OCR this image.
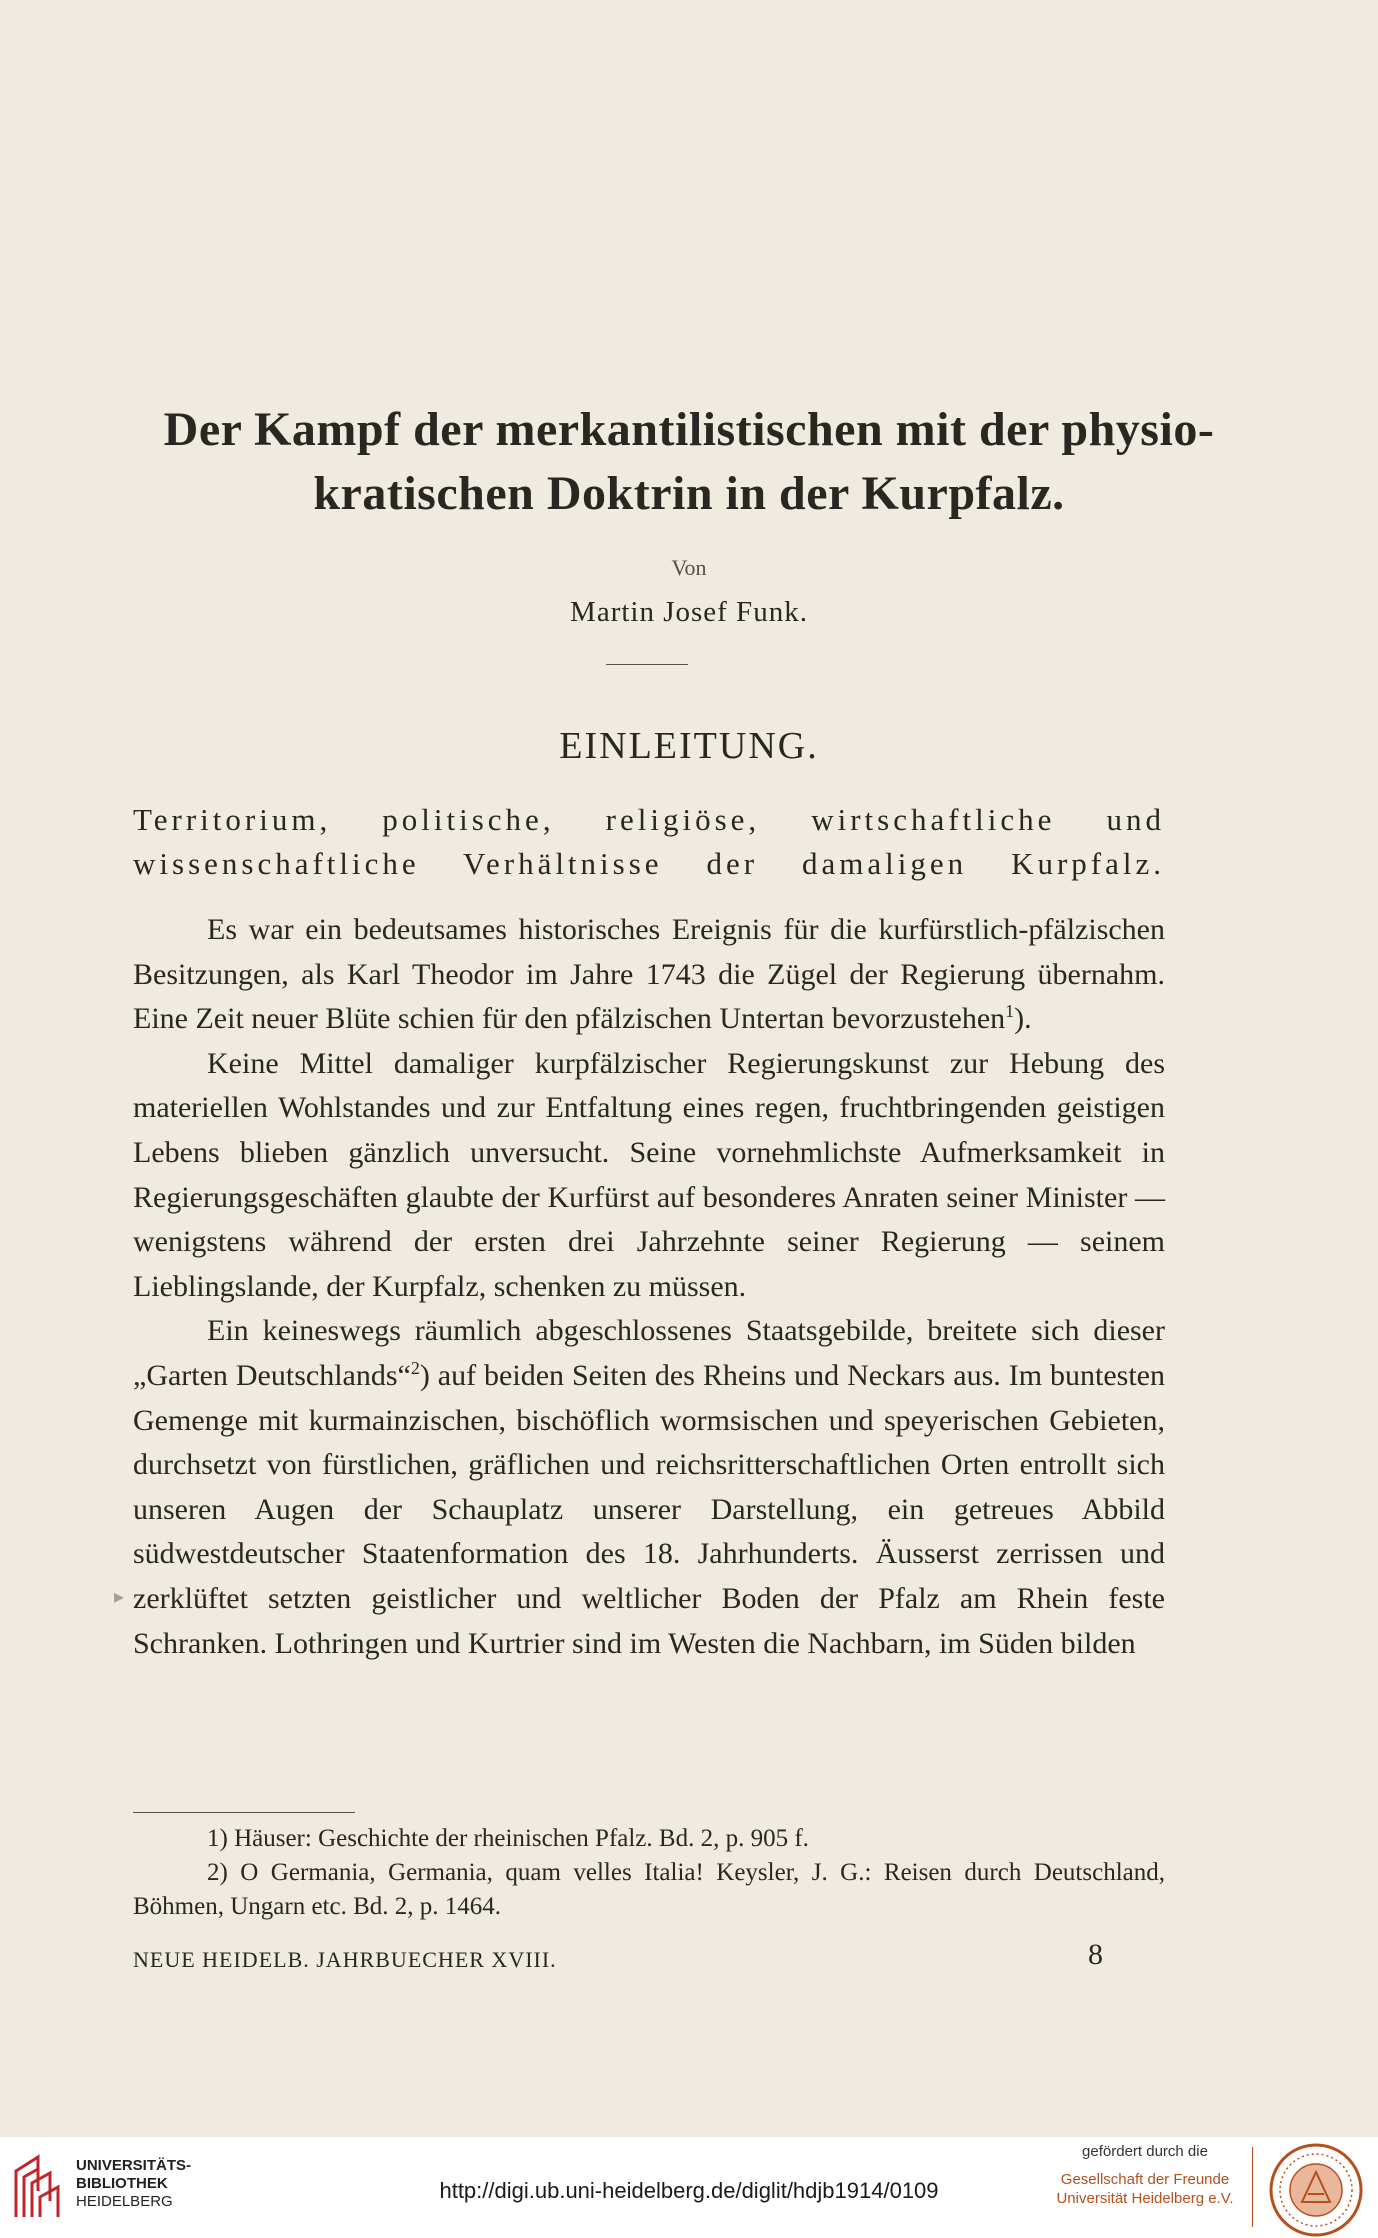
Der Kampf der merkantilistischen mit der physio-
kratischen Doktrin in der Kurpfalz.
Von
Martin Josef Funk.
EINLEITUNG.
Territorium, politische, religiöse, wirtschaftliche und
wissenschaftliche Verhältnisse der damaligen Kurpfalz.

Es war ein bedeutsames historisches Ereignis für die kurfürstlich-pfälzischen Besitzungen, als Karl Theodor im Jahre 1743 die Zügel der Regierung übernahm. Eine Zeit neuer Blüte schien für den pfälzischen Untertan bevorzustehen$^1$).

Keine Mittel damaliger kurpfälzischer Regierungskunst zur Hebung des materiellen Wohlstandes und zur Entfaltung eines regen, fruchtbringenden geistigen Lebens blieben gänzlich unversucht. Seine vornehmlichste Aufmerksamkeit in Regierungsgeschäften glaubte der Kurfürst auf besonderes Anraten seiner Minister — wenigstens während der ersten drei Jahrzehnte seiner Regierung — seinem Lieblingslande, der Kurpfalz, schenken zu müssen.

Ein keineswegs räumlich abgeschlossenes Staatsgebilde, breitete sich dieser „Garten Deutschlands“$^2$) auf beiden Seiten des Rheins und Neckars aus. Im buntesten Gemenge mit kurmainzischen, bischöflich wormsischen und speyerischen Gebieten, durchsetzt von fürstlichen, gräflichen und reichsritterschaftlichen Orten entrollt sich unseren Augen der Schauplatz unserer Darstellung, ein getreues Abbild südwestdeutscher Staatenformation des 18. Jahrhunderts. Äusserst zerrissen und zerklüftet setzten geistlicher und weltlicher Boden der Pfalz am Rhein feste Schranken. Lothringen und Kurtrier sind im Westen die Nachbarn, im Süden bilden

▸

1) Häuser: Geschichte der rheinischen Pfalz. Bd. 2, p. 905 f.

2) O Germania, Germania, quam velles Italia! Keysler, J. G.: Reisen durch Deutschland, Böhmen, Ungarn etc. Bd. 2, p. 1464.

NEUE HEIDELB. JAHRBUECHER XVIII.	8
UNIVERSITÄTS-
BIBLIOTHEK
HEIDELBERG	http://digi.ub.uni-heidelberg.de/diglit/hdjb1914/0109
gefördert durch die
Gesellschaft der Freunde
Universität Heidelberg e.V.
